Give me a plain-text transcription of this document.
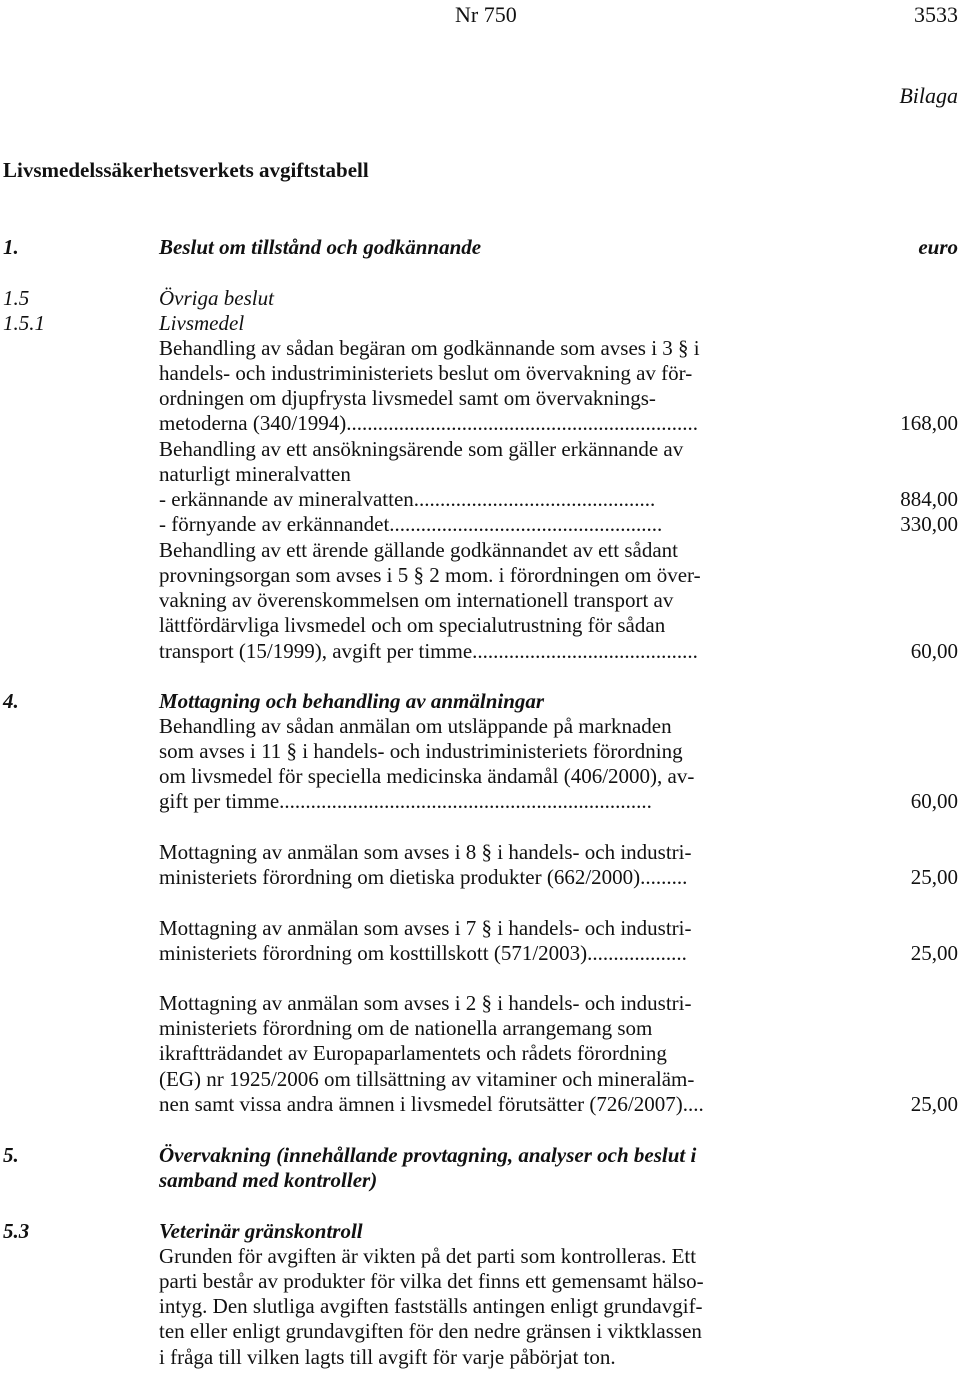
Nr 750	3533
Bilaga
Livsmedelssäkerhetsverkets avgiftstabell
1.	Beslut om tillstånd och godkännande	euro
1.5	Övriga beslut
1.5.1	Livsmedel
Behandling av sådan begäran om godkännande som avses i 3 § i
handels- och industriministeriets beslut om övervakning av för-
ordningen om djupfrysta livsmedel samt om övervaknings-
metoderna (340/1994)...................................................................	168,00
Behandling av ett ansökningsärende som gäller erkännande av
naturligt mineralvatten
- erkännande av mineralvatten..............................................	884,00
- förnyande av erkännandet....................................................	330,00
Behandling av ett ärende gällande godkännandet av ett sådant
provningsorgan som avses i 5 § 2 mom. i förordningen om över-
vakning av överenskommelsen om internationell transport av
lättfördärvliga livsmedel och om specialutrustning för sådan
transport (15/1999), avgift per timme...........................................	60,00
4.	Mottagning och behandling av anmälningar
Behandling av sådan anmälan om utsläppande på marknaden
som avses i 11 § i handels- och industriministeriets förordning
om livsmedel för speciella medicinska ändamål (406/2000), av-
gift per timme.......................................................................	60,00
Mottagning av anmälan som avses i 8 § i handels- och industri-
ministeriets förordning om dietiska produkter (662/2000).........	25,00
Mottagning av anmälan som avses i 7 § i handels- och industri-
ministeriets förordning om kosttillskott (571/2003)...................	25,00
Mottagning av anmälan som avses i 2 § i handels- och industri-
ministeriets förordning om de nationella arrangemang som
ikraftträdandet av Europaparlamentets och rådets förordning
(EG) nr 1925/2006 om tillsättning av vitaminer och mineraläm-
nen samt vissa andra ämnen i livsmedel förutsätter (726/2007)....	25,00
5.	Övervakning (innehållande provtagning, analyser och beslut i
samband med kontroller)
5.3	Veterinär gränskontroll
Grunden för avgiften är vikten på det parti som kontrolleras. Ett
parti består av produkter för vilka det finns ett gemensamt hälso-
intyg. Den slutliga avgiften fastställs antingen enligt grundavgif-
ten eller enligt grundavgiften för den nedre gränsen i viktklassen
i fråga till vilken lagts till avgift för varje påbörjat ton.
